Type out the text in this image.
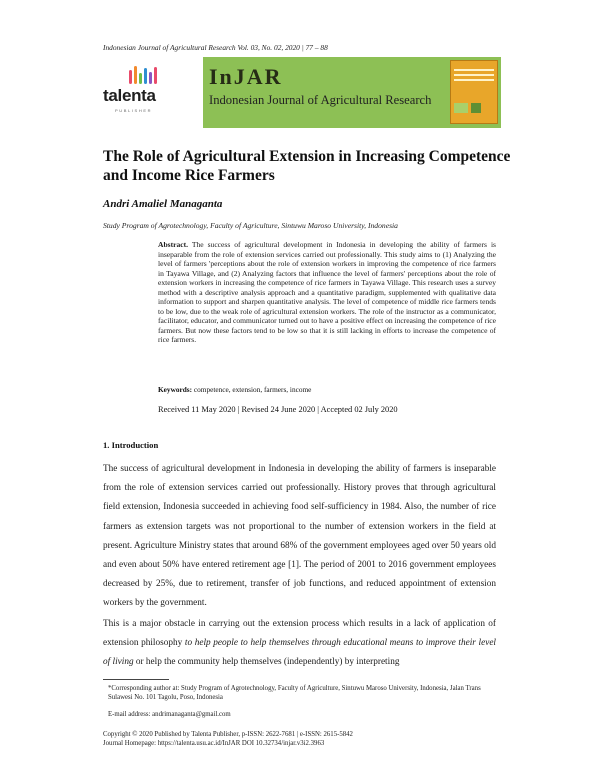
Indonesian Journal of Agricultural Research Vol. 03, No. 02, 2020 | 77 – 88
talenta
PUBLISHER
InJAR
Indonesian Journal of Agricultural Research
The Role of Agricultural Extension in Increasing Competence and Income Rice Farmers
Andri Amaliel Managanta
Study Program of Agrotechnology, Faculty of Agriculture, Sintuwu Maroso University, Indonesia

Abstract. The success of agricultural development in Indonesia in developing the ability of farmers is inseparable from the role of extension services carried out professionally. This study aims to (1) Analyzing the level of farmers 'perceptions about the role of extension workers in improving the competence of rice farmers in Tayawa Village, and (2) Analyzing factors that influence the level of farmers' perceptions about the role of extension workers in increasing the competence of rice farmers in Tayawa Village. This research uses a survey method with a descriptive analysis approach and a quantitative paradigm, supplemented with qualitative data information to support and sharpen quantitative analysis. The level of competence of middle rice farmers tends to be low, due to the weak role of agricultural extension workers. The role of the instructor as a communicator, facilitator, educator, and communicator turned out to have a positive effect on increasing the competence of rice farmers. But now these factors tend to be low so that it is still lacking in efforts to increase the competence of rice farmers.

Keywords: competence, extension, farmers, income
Received 11 May 2020 | Revised 24 June 2020 | Accepted 02 July 2020
1. Introduction

The success of agricultural development in Indonesia in developing the ability of farmers is inseparable from the role of extension services carried out professionally. History proves that through agricultural field extension, Indonesia succeeded in achieving food self-sufficiency in 1984. Also, the number of rice farmers as extension targets was not proportional to the number of extension workers in the field at present. Agriculture Ministry states that around 68% of the government employees aged over 50 years old and even about 50% have entered retirement age [1]. The period of 2001 to 2016 government employees decreased by 25%, due to retirement, transfer of job functions, and reduced appointment of extension workers by the government.

This is a major obstacle in carrying out the extension process which results in a lack of application of extension philosophy to help people to help themselves through educational means to improve their level of living or help the community help themselves (independently) by interpreting

*Corresponding author at: Study Program of Agrotechnology, Faculty of Agriculture, Sintuwu Maroso University, Indonesia, Jalan Trans Sulawesi No. 101 Tagolu, Poso, Indonesia
E-mail address: andrimanaganta@gmail.com
Copyright © 2020 Published by Talenta Publisher, p-ISSN: 2622-7681 | e-ISSN: 2615-5842
Journal Homepage: https://talenta.usu.ac.id/InJAR DOI 10.32734/injar.v3i2.3963
